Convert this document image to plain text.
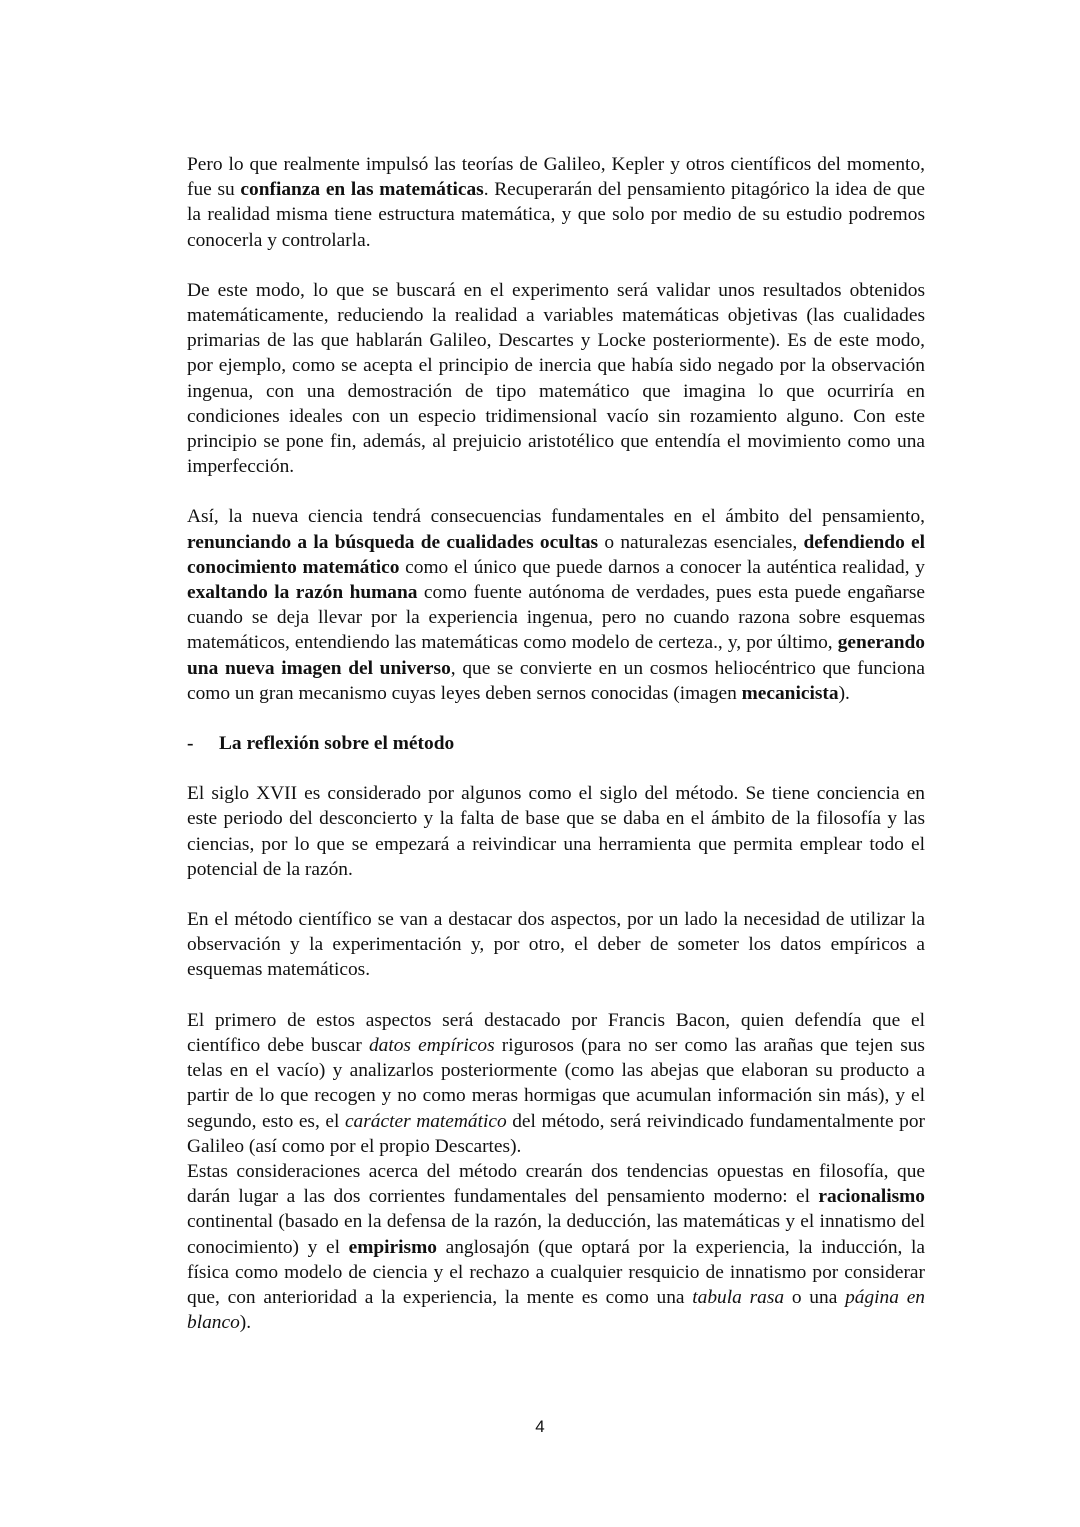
Pero lo que realmente impulsó las teorías de Galileo, Kepler y otros científicos del momento, fue su confianza en las matemáticas. Recuperarán del pensamiento pitagórico la idea de que la realidad misma tiene estructura matemática, y que solo por medio de su estudio podremos conocerla y controlarla.

De este modo, lo que se buscará en el experimento será validar unos resultados obtenidos matemáticamente, reduciendo la realidad a variables matemáticas objetivas (las cualidades primarias de las que hablarán Galileo, Descartes y Locke posteriormente). Es de este modo, por ejemplo, como se acepta el principio de inercia que había sido negado por la observación ingenua, con una demostración de tipo matemático que imagina lo que ocurriría en condiciones ideales con un especio tridimensional vacío sin rozamiento alguno. Con este principio se pone fin, además, al prejuicio aristotélico que entendía el movimiento como una imperfección.

Así, la nueva ciencia tendrá consecuencias fundamentales en el ámbito del pensamiento, renunciando a la búsqueda de cualidades ocultas o naturalezas esenciales, defendiendo el conocimiento matemático como el único que puede darnos a conocer la auténtica realidad, y exaltando la razón humana como fuente autónoma de verdades, pues esta puede engañarse cuando se deja llevar por la experiencia ingenua, pero no cuando razona sobre esquemas matemáticos, entendiendo las matemáticas como modelo de certeza., y, por último, generando una nueva imagen del universo, que se convierte en un cosmos heliocéntrico que funciona como un gran mecanismo cuyas leyes deben sernos conocidas (imagen mecanicista).

-	La reflexión sobre el método

El siglo XVII es considerado por algunos como el siglo del método. Se tiene conciencia en este periodo del desconcierto y la falta de base que se daba en el ámbito de la filosofía y las ciencias, por lo que se empezará a reivindicar una herramienta que permita emplear todo el potencial de la razón.

En el método científico se van a destacar dos aspectos, por un lado la necesidad de utilizar la observación y la experimentación y, por otro, el deber de someter los datos empíricos a esquemas matemáticos.

El primero de estos aspectos será destacado por Francis Bacon, quien defendía que el científico debe buscar datos empíricos rigurosos (para no ser como las arañas que tejen sus telas en el vacío) y analizarlos posteriormente (como las abejas que elaboran su producto a partir de lo que recogen y no como meras hormigas que acumulan información sin más), y el segundo, esto es, el carácter matemático del método, será reivindicado fundamentalmente por Galileo (así como por el propio Descartes).

Estas consideraciones acerca del método crearán dos tendencias opuestas en filosofía, que darán lugar a las dos corrientes fundamentales del pensamiento moderno: el racionalismo continental (basado en la defensa de la razón, la deducción, las matemáticas y el innatismo del conocimiento) y el empirismo anglosajón (que optará por la experiencia, la inducción, la física como modelo de ciencia y el rechazo a cualquier resquicio de innatismo por considerar que, con anterioridad a la experiencia, la mente es como una tabula rasa o una página en blanco).

4
